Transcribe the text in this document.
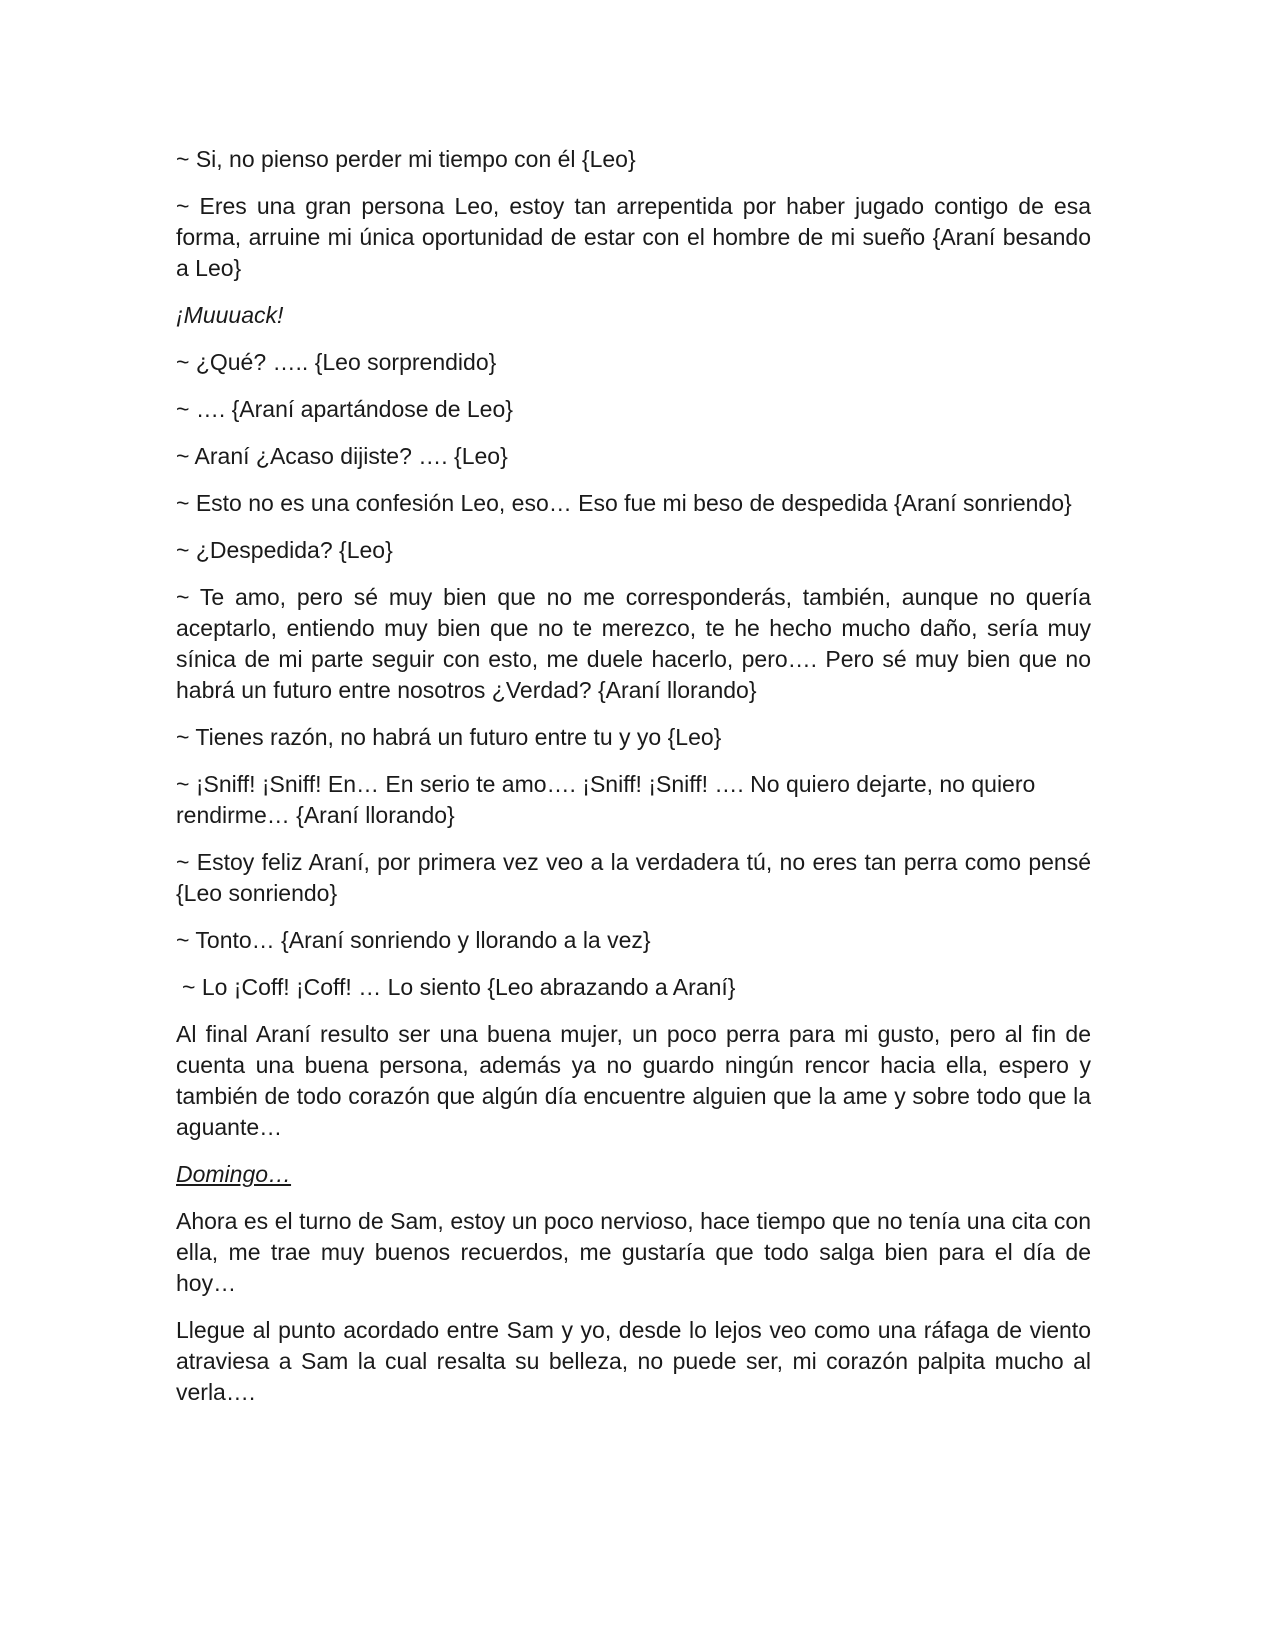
~ Si, no pienso perder mi tiempo con él {Leo}

~ Eres una gran persona Leo, estoy tan arrepentida por haber jugado contigo de esa forma, arruine mi única oportunidad de estar con el hombre de mi sueño {Araní besando a Leo}

¡Muuuack!

~ ¿Qué? ….. {Leo sorprendido}

~ …. {Araní apartándose de Leo}

~ Araní ¿Acaso dijiste? …. {Leo}

~ Esto no es una confesión Leo, eso… Eso fue mi beso de despedida {Araní sonriendo}

~ ¿Despedida? {Leo}

~ Te amo, pero sé muy bien que no me corresponderás, también, aunque no quería aceptarlo, entiendo muy bien que no te merezco, te he hecho mucho daño, sería muy sínica de mi parte seguir con esto, me duele hacerlo, pero…. Pero sé muy bien que no habrá un futuro entre nosotros ¿Verdad? {Araní llorando}

~ Tienes razón, no habrá un futuro entre tu y yo {Leo}

~ ¡Sniff! ¡Sniff! En… En serio te amo…. ¡Sniff! ¡Sniff! …. No quiero dejarte, no quiero rendirme… {Araní llorando}

~ Estoy feliz Araní, por primera vez veo a la verdadera tú, no eres tan perra como pensé {Leo sonriendo}

~ Tonto… {Araní sonriendo y llorando a la vez}

~ Lo ¡Coff! ¡Coff! … Lo siento {Leo abrazando a Araní}

Al final Araní resulto ser una buena mujer, un poco perra para mi gusto, pero al fin de cuenta una buena persona, además ya no guardo ningún rencor hacia ella, espero y también de todo corazón que algún día encuentre alguien que la ame y sobre todo que la aguante…

Domingo…

Ahora es el turno de Sam, estoy un poco nervioso, hace tiempo que no tenía una cita con ella, me trae muy buenos recuerdos, me gustaría que todo salga bien para el día de hoy…

Llegue al punto acordado entre Sam y yo, desde lo lejos veo como una ráfaga de viento atraviesa a Sam la cual resalta su belleza, no puede ser, mi corazón palpita mucho al verla….
